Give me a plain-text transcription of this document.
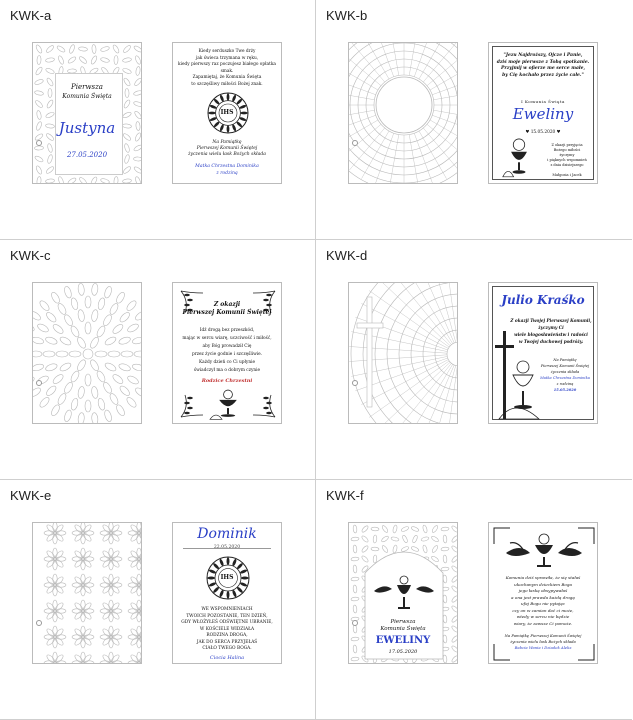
KWK-a
Pierwsza
Komunia Święta
Justyna
27.05.2020
Kiedy serduszko Twe drży
jak świeca trzymana w ręku,
kiedy pierwszy raz poczujesz białego opłatka smak.
Zapamiętaj, że Komunia Święta
to szczęśliwy miłości Bożej znak.
IHS
Na Pamiątkę
Pierwszej Komunii Świętej
życzenia wielu łask Bożych składa
Matka Chrzestna Dominika
z rodziną
KWK-b
"Jezu Najdroższy, Ojcze i Panie,
dziś moje pierwsze z Tobą spotkanie.
Przyjmij w ofierze me serce małe,
by Cię kochało przez życie całe."
I Komunia Święta
Eweliny
♥ 15.05.2020 ♥
Z okazji przyjęcia
Bożego miłości
życzymy
i pięknych wspomnień
z dnia dzisiejszego
Małgosia i Jacek
KWK-c
Z okazji
Pierwszej Komunii Świętej
Idź drogą bez przeszkód,
mając w sercu wiarę, uczciwość i miłość,
aby Bóg prowadził Cię
przez życie godnie i szczęśliwie.
Każdy dzień co Ci upłynie
świadczył ma o dobrym czynie
Rodzice Chrzestni
KWK-d
Julio Kraśko
Z okazji Twojej Pierwszej Komunii,
życzymy Ci
wiele błogosławieństw i radości
w Twojej duchowej podróży.
Na Pamiątkę
Pierwszej Komunii Świętej
życzenia składa
Matka Chrzestna Dominika
z rodziną
15.05.2020
KWK-e
Dominik
IHS
WE WSPOMNIENIACH
TWOICH POZOSTANIE, TEN DZIEŃ,
GDY WŁOŻYŁEŚ ODŚWIĘTNE UBRANIE,
W KOŚCIELE WIDZIAŁA
RODZINA DROGA,
JAK DO SERCA PRZYJEŁAŚ
CIAŁO TWEGO BOGA.
Ciocia Halina
KWK-f
Pierwsza
Komunia Święta
EWELINY
17.05.2020
Komunia dziś sprawiła, że się stałaś
ukochanym dzieckiem Boga
jego łaską obsypywałaś
a ona jest prawda każdą drogą
ufaj Bogu nie pytając
czy on w zamian dać ci może,
wtedy w sercu nie będzie
wiary, że zawsze Ci pomoże.
Na Pamiątkę Pierwszej Komunii Świętej
życzenia wielu łask Bożych składa
Babcia Wania i Dziadek Aleks
